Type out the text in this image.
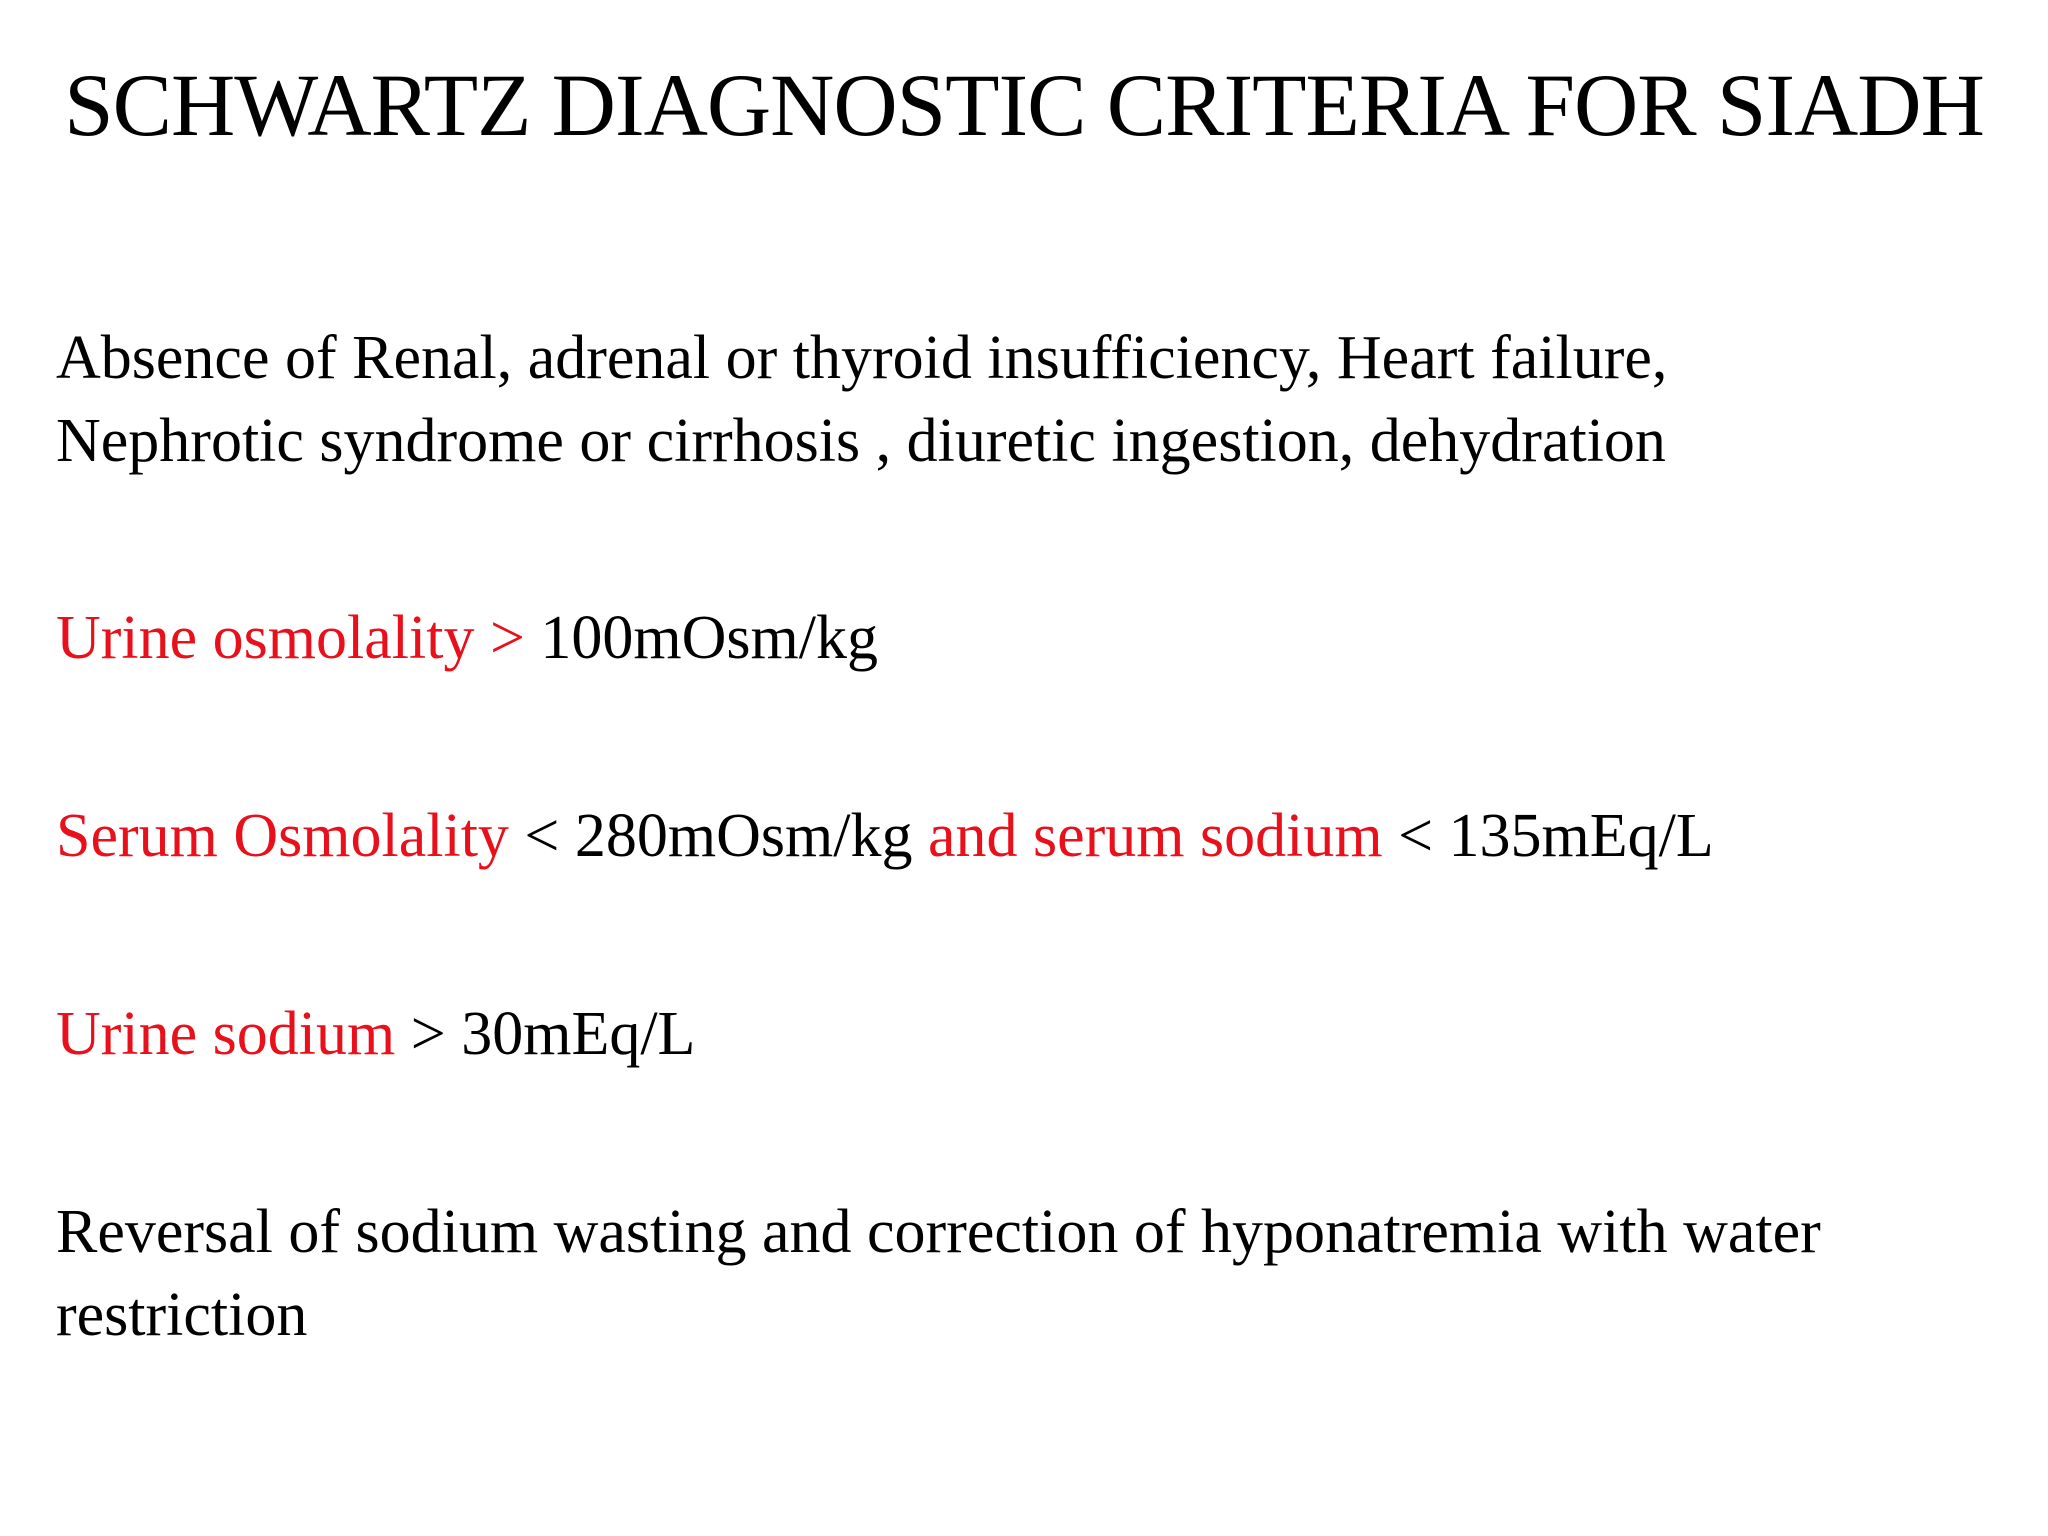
SCHWARTZ DIAGNOSTIC CRITERIA FOR SIADH

Absence of Renal, adrenal or thyroid insufficiency, Heart failure,
Nephrotic syndrome or cirrhosis , diuretic ingestion, dehydration

Urine osmolality > 100mOsm/kg

Serum Osmolality < 280mOsm/kg and serum sodium < 135mEq/L

Urine sodium > 30mEq/L

Reversal of sodium wasting and correction of hyponatremia with water
restriction
